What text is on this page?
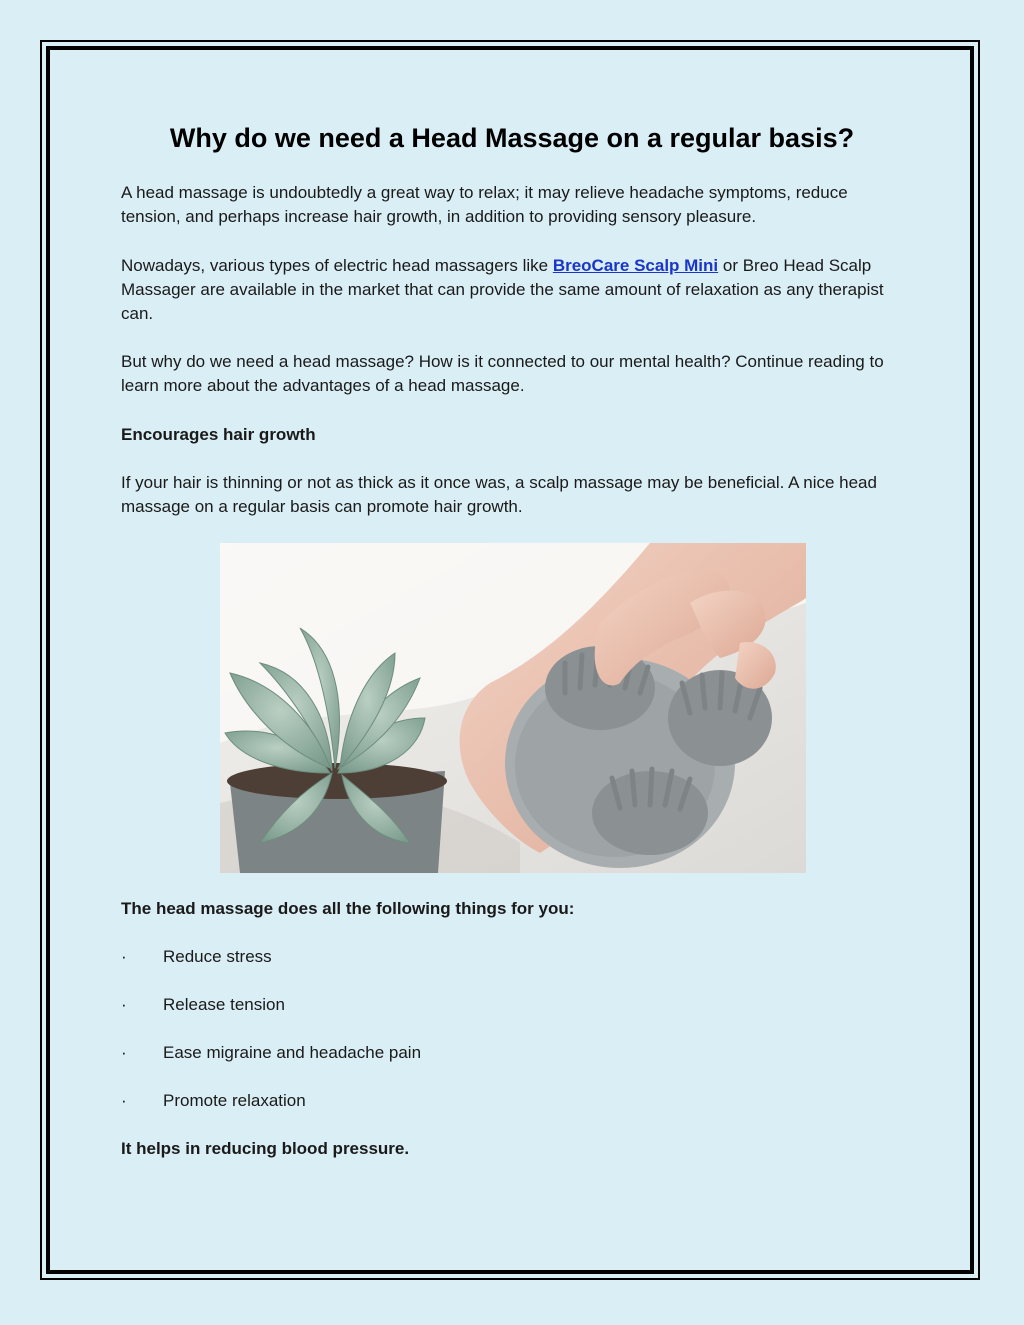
Why do we need a Head Massage on a regular basis?

A head massage is undoubtedly a great way to relax; it may relieve headache symptoms, reduce tension, and perhaps increase hair growth, in addition to providing sensory pleasure.

Nowadays, various types of electric head massagers like BreoCare Scalp Mini or Breo Head Scalp Massager are available in the market that can provide the same amount of relaxation as any therapist can.

But why do we need a head massage? How is it connected to our mental health? Continue reading to learn more about the advantages of a head massage.

Encourages hair growth

If your hair is thinning or not as thick as it once was, a scalp massage may be beneficial. A nice head massage on a regular basis can promote hair growth.

The head massage does all the following things for you:
· Reduce stress
· Release tension
· Ease migraine and headache pain
· Promote relaxation
It helps in reducing blood pressure.
